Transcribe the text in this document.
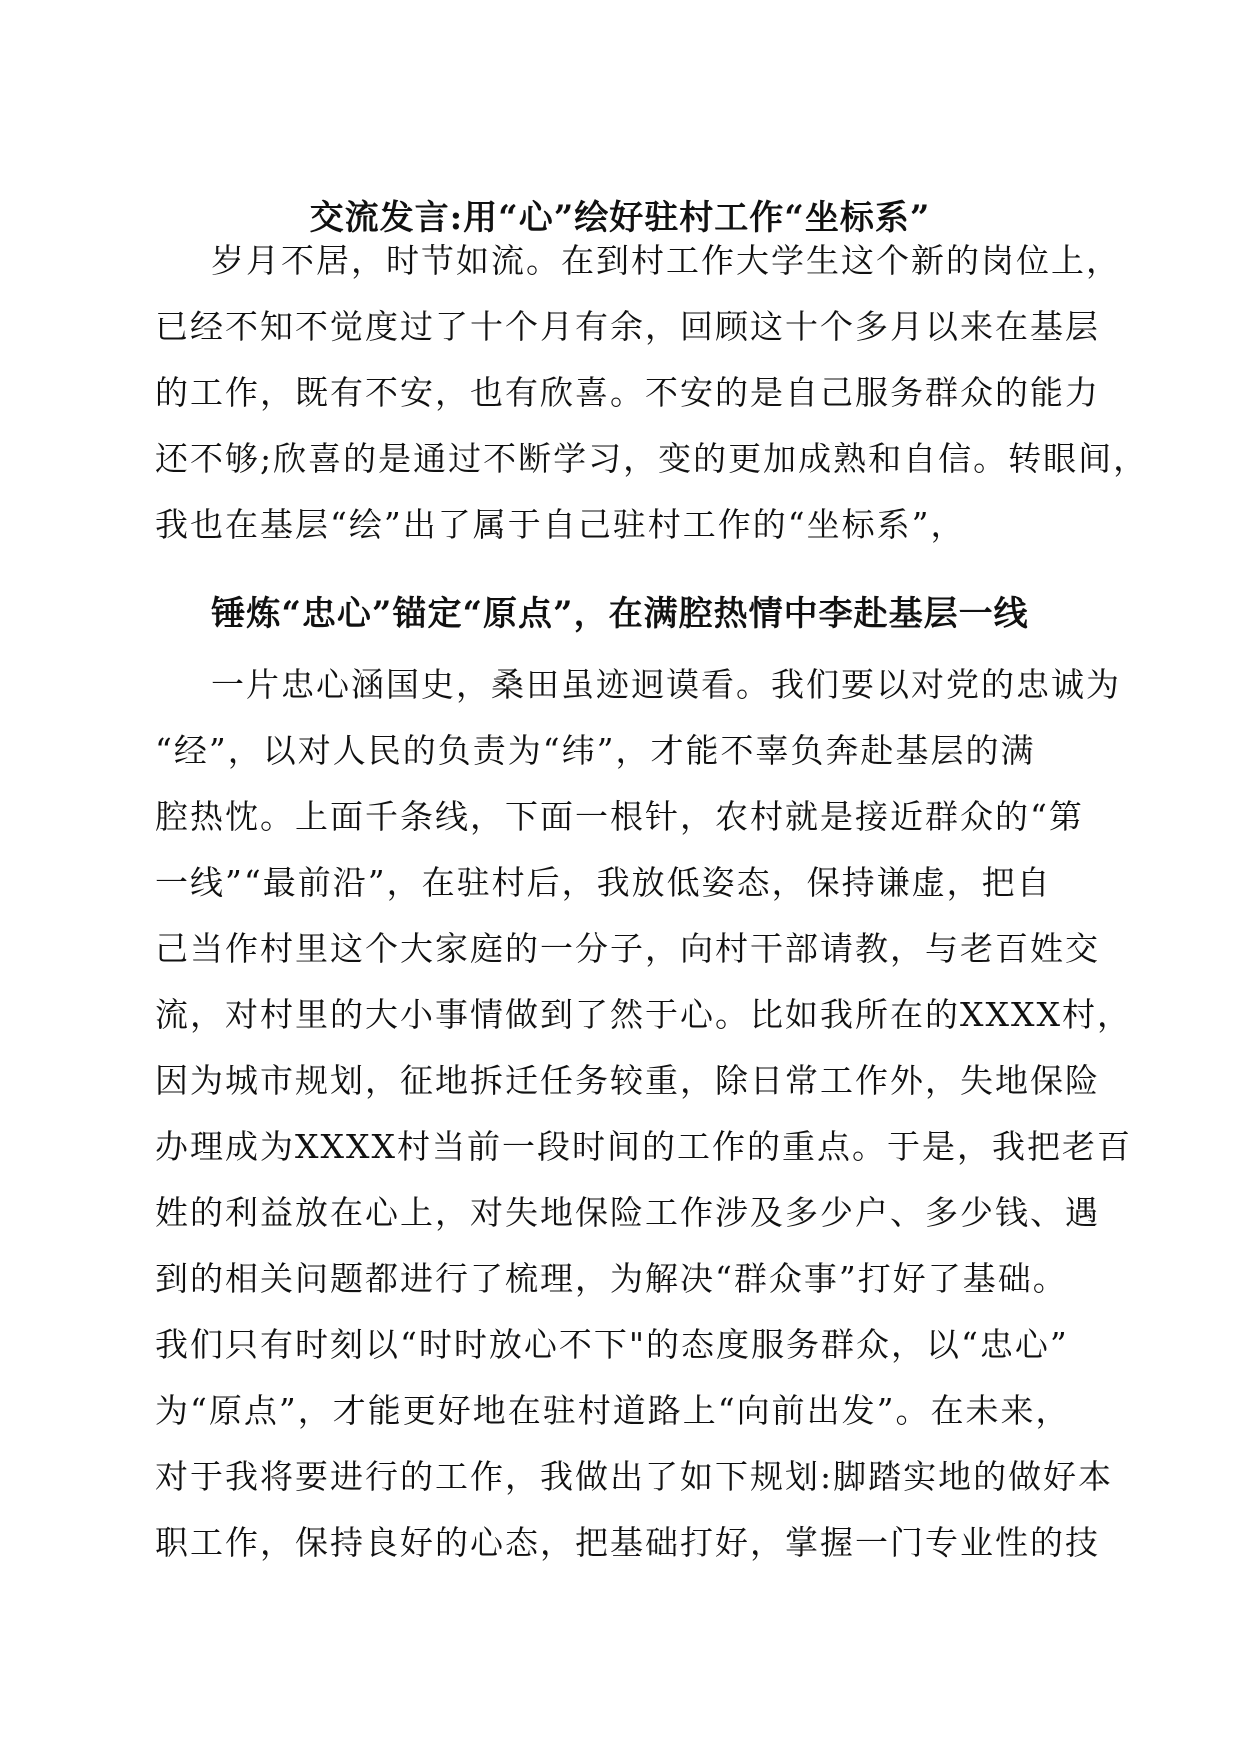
交流发言:用“心”绘好驻村工作“坐标系”
岁月不居，时节如流。在到村工作大学生这个新的岗位上，
已经不知不觉度过了十个月有余，回顾这十个多月以来在基层
的工作，既有不安，也有欣喜。不安的是自己服务群众的能力
还不够;欣喜的是通过不断学习，变的更加成熟和自信。转眼间，
我也在基层“绘”出了属于自己驻村工作的“坐标系”，
锤炼“忠心”锚定“原点”，在满腔热情中李赴基层一线
一片忠心涵国史，桑田虽迹迥谟看。我们要以对党的忠诚为
“经”，以对人民的负责为“纬”，才能不辜负奔赴基层的满
腔热忱。上面千条线，下面一根针，农村就是接近群众的“第
一线”“最前沿”，在驻村后，我放低姿态，保持谦虚，把自
己当作村里这个大家庭的一分子，向村干部请教，与老百姓交
流，对村里的大小事情做到了然于心。比如我所在的XXXX村，
因为城市规划，征地拆迁任务较重，除日常工作外，失地保险
办理成为XXXX村当前一段时间的工作的重点。于是，我把老百
姓的利益放在心上，对失地保险工作涉及多少户、多少钱、遇
到的相关问题都进行了梳理，为解决“群众事”打好了基础。
我们只有时刻以“时时放心不下"的态度服务群众，以“忠心”
为“原点”，才能更好地在驻村道路上“向前出发”。在未来，
对于我将要进行的工作，我做出了如下规划:脚踏实地的做好本
职工作，保持良好的心态，把基础打好，掌握一门专业性的技
